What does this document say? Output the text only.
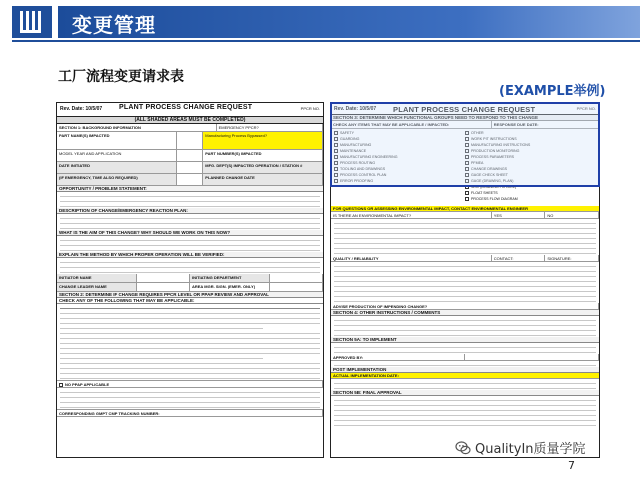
变更管理
工厂流程变更请求表
(EXAMPLE举例)
Rev. Date: 10/5/07 PLANT PROCESS CHANGE REQUEST	PPCR NO.
(ALL SHADED AREAS MUST BE COMPLETED)
SECTION 1: BACKGROUND INFORMATION	EMERGENCY PPCR?
PART NAME(S) IMPACTED	Manufacturing Process Bypassed?
MODEL YEAR AND APPLICATION	PART NUMBER(S) IMPACTED
DATE INITIATED	MFG. DEPT(S) IMPACTED OPERATION / STATION #
(IF EMERGENCY, TIME ALSO REQUIRED)	PLANNED CHANGE DATE
OPPORTUNITY / PROBLEM STATEMENT:
DESCRIPTION OF CHANGE/EMERGENCY REACTION PLAN:
WHAT IS THE AIM OF THIS CHANGE? WHY SHOULD WE WORK ON THIS NOW?
EXPLAIN THE METHOD BY WHICH PROPER OPERATION WILL BE VERIFIED:
INITIATOR NAME	INITIATING DEPARTMENT
CHANGE LEADER NAME	AREA MGR. SIGN. (EMER. ONLY)
SECTION 2: DETERMINE IF CHANGE REQUIRES PPCR LEVEL OR PPAP REVIEW AND APPROVAL
CHECK ANY OF THE FOLLOWING THAT MAY BE APPLICABLE:
NO PPAP APPLICABLE
CORRESPONDING GMPT CMP TRACKING NUMBER:
Rev. Date: 10/5/07 PLANT PROCESS CHANGE REQUEST	PPCR NO.
SECTION 3: DETERMINE WHICH FUNCTIONAL GROUPS NEED TO RESPOND TO THIS CHANGE
CHECK ANY ITEMS THAT MAY BE APPLICABLE / IMPACTED:	RESPONSE DUE DATE:
SAFETY	OTHER
GUARDING	WORK PIT INSTRUCTIONS
MANUFACTURING	MANUFACTURING INSTRUCTIONS
MAINTENANCE	PRODUCTION MONITORING
MANUFACTURING ENGINEERING	PROCESS PARAMETERS
PROCESS ROUTING	PFMEA
TOOLING AND DRAWINGS	CHANGE DRAWINGS
PROCESS CONTROL PLAN	GAGE CHECK SHEET
ERROR PROOFING	GAGE (DRAWING, PLAN)
SISV (DRAWING FIXTURE)
FLOAT SHEETS
PROCESS FLOW DIAGRAM
FOR QUESTIONS OR ASSESSING ENVIRONMENTAL IMPACT, CONTACT ENVIRONMENTAL ENGINEER
IS THERE AN ENVIRONMENTAL IMPACT?	YES	NO
QUALITY / RELIABILITY	CONTACT:	SIGNATURE:
ADVISE PRODUCTION OF IMPENDING CHANGE?
SECTION 4: OTHER INSTRUCTIONS / COMMENTS
SECTION 5A: TO IMPLEMENT
APPROVED BY:
POST IMPLEMENTATION
ACTUAL IMPLEMENTATION DATE:
SECTION 5B: FINAL APPROVAL
QualityIn质量学院
7
